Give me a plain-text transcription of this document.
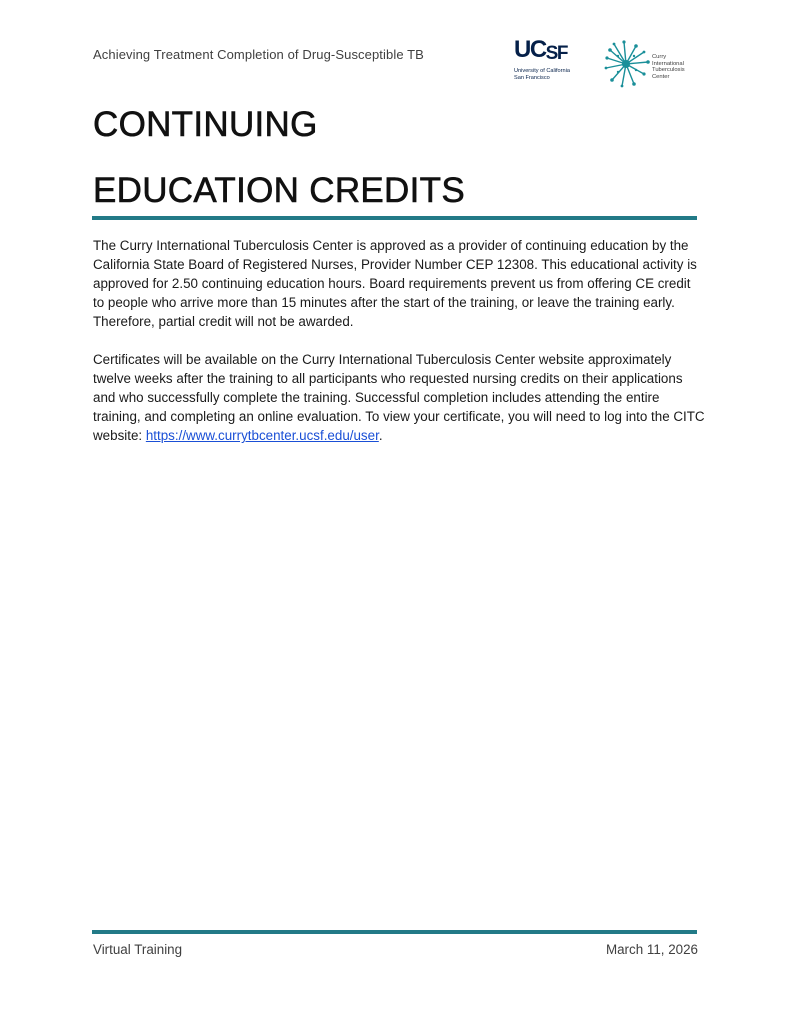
Achieving Treatment Completion of Drug-Susceptible TB	UCSF
University of California
San Francisco
Curry
International
Tuberculosis
Center
CONTINUING
EDUCATION CREDITS

The Curry International Tuberculosis Center is approved as a provider of continuing education by the California State Board of Registered Nurses, Provider Number CEP 12308. This educational activity is approved for 2.50 continuing education hours. Board requirements prevent us from offering CE credit to people who arrive more than 15 minutes after the start of the training, or leave the training early. Therefore, partial credit will not be awarded.

Certificates will be available on the Curry International Tuberculosis Center website approximately twelve weeks after the training to all participants who requested nursing credits on their applications and who successfully complete the training. Successful completion includes attending the entire training, and completing an online evaluation. To view your certificate, you will need to log into the CITC website: https://www.currytbcenter.ucsf.edu/user.

Virtual Training	March 11, 2026
